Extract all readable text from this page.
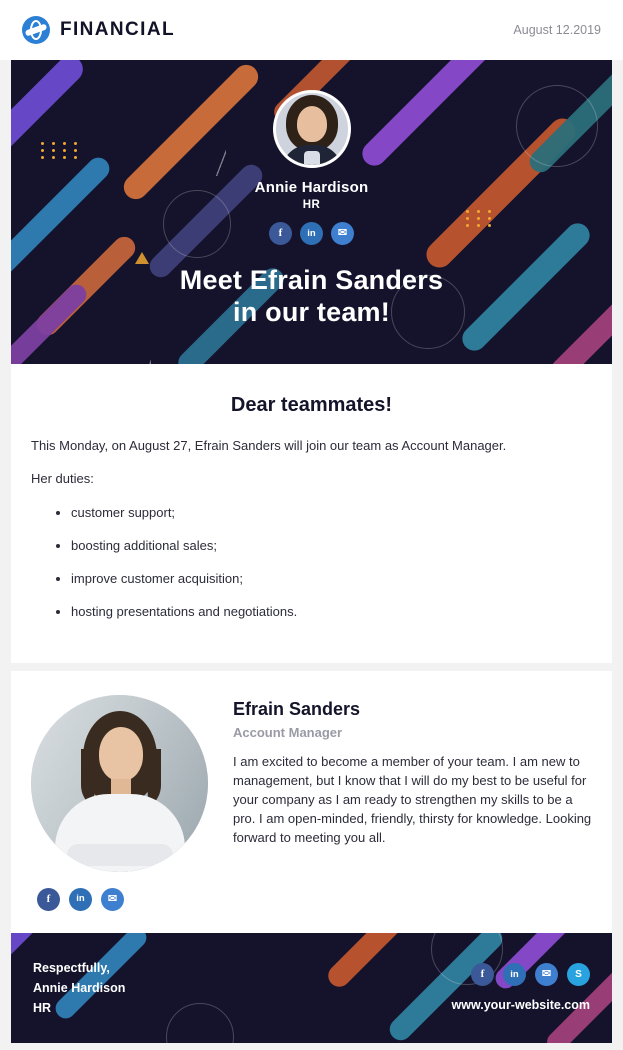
FINANCIAL	August 12.2019
Annie Hardison
HR
f	in	✉
Meet Efrain Sanders
in our team!
Dear teammates!

This Monday, on August 27, Efrain Sanders will join our team as Account Manager.

Her duties:

• customer support;
• boosting additional sales;
• improve customer acquisition;
• hosting presentations and negotiations.
f	in	✉
Efrain Sanders
Account Manager

I am excited to become a member of your team. I am new to management, but I know that I will do my best to be useful for your company as I am ready to strengthen my skills to be a pro. I am open-minded, friendly, thirsty for knowledge. Looking forward to meeting you all.

Respectfully,
Annie Hardison
HR
f	in	✉	S
www.your-website.com
